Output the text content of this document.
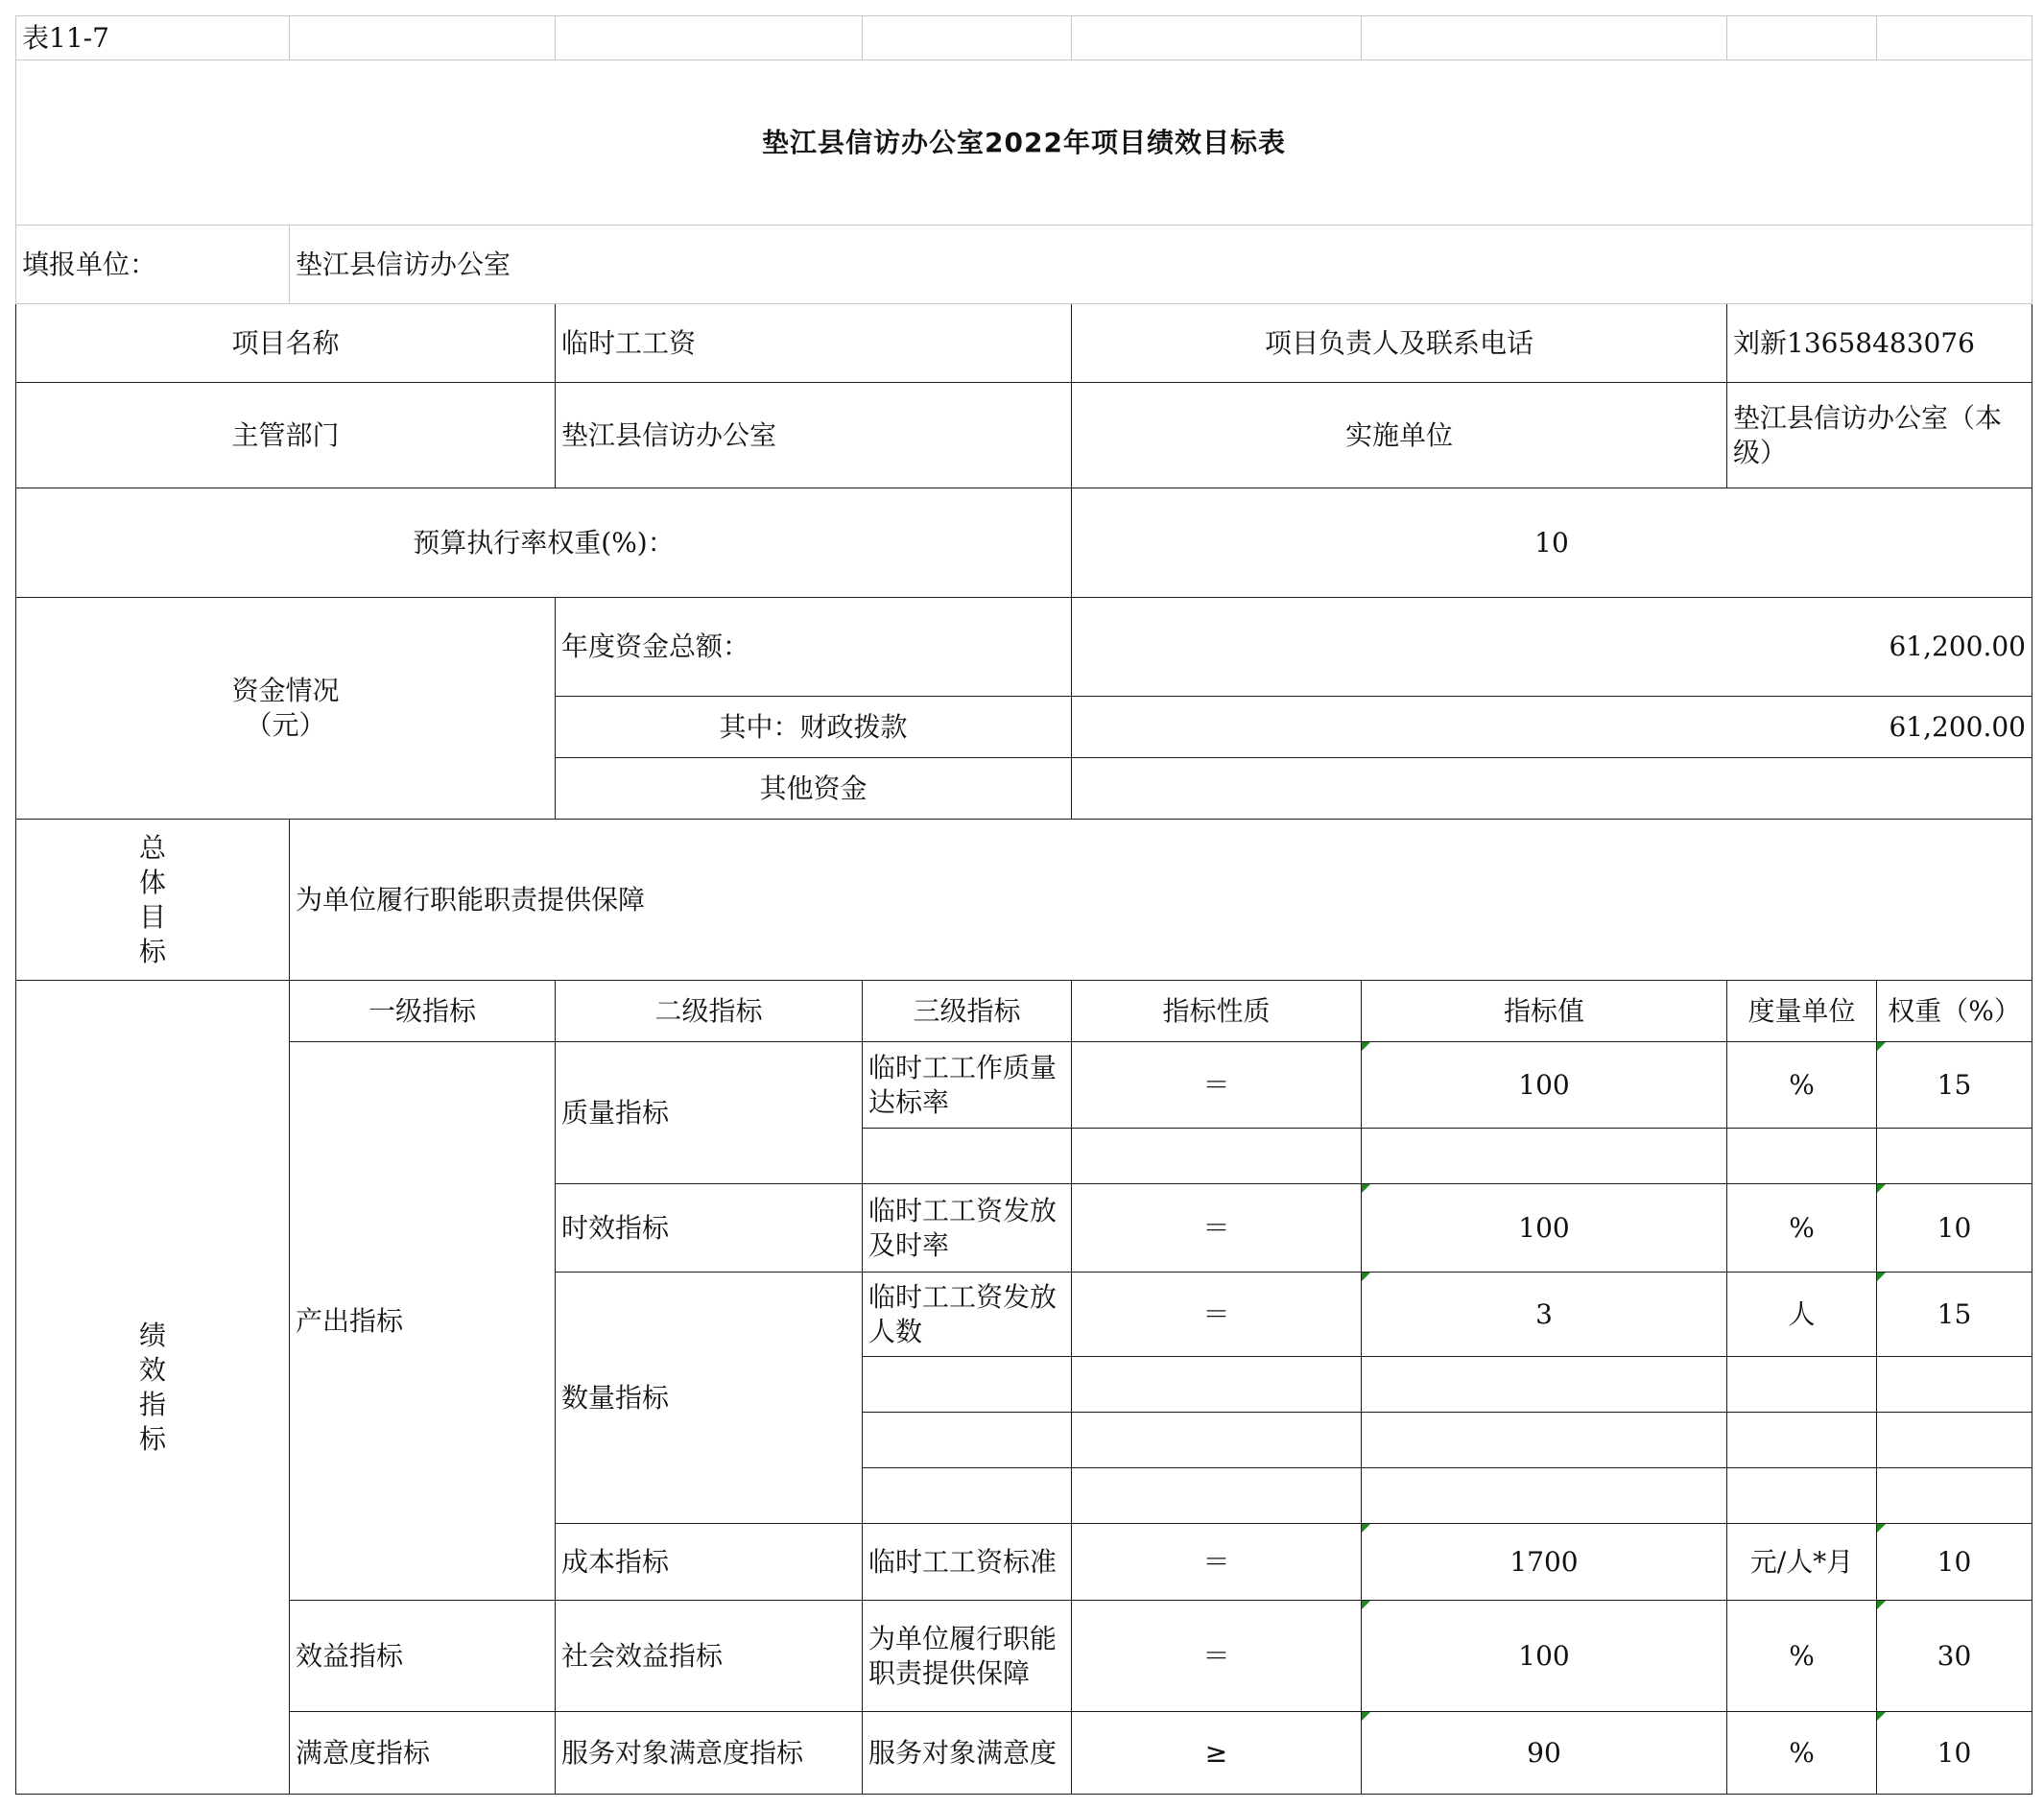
表11-7							
垫江县信访办公室2022年项目绩效目标表							
填报单位：	垫江县信访办公室						
项目名称		临时工工资		项目负责人及联系电话		刘新13658483076	
主管部门		垫江县信访办公室		实施单位		垫江县信访办公室（本级）	
预算执行率权重(%)：				10			
资金情况（元）		年度资金总额：		61,200.00			
		其中：财政拨款		61,200.00			
		其他资金					
总体目标	为单位履行职能职责提供保障						
绩效指标	一级指标	二级指标	三级指标	指标性质	指标值	度量单位	权重（%）
	产出指标	质量指标	临时工工作质量达标率	＝	100	%	15

		时效指标	临时工工资发放及时率	＝	100	%	10
		数量指标	临时工工资发放人数	＝	3	人	15

		成本指标	临时工工资标准	＝	1700	元/人*月	10
	效益指标	社会效益指标	为单位履行职能职责提供保障	＝	100	%	30
	满意度指标	服务对象满意度指标	服务对象满意度	≥	90	%	10
